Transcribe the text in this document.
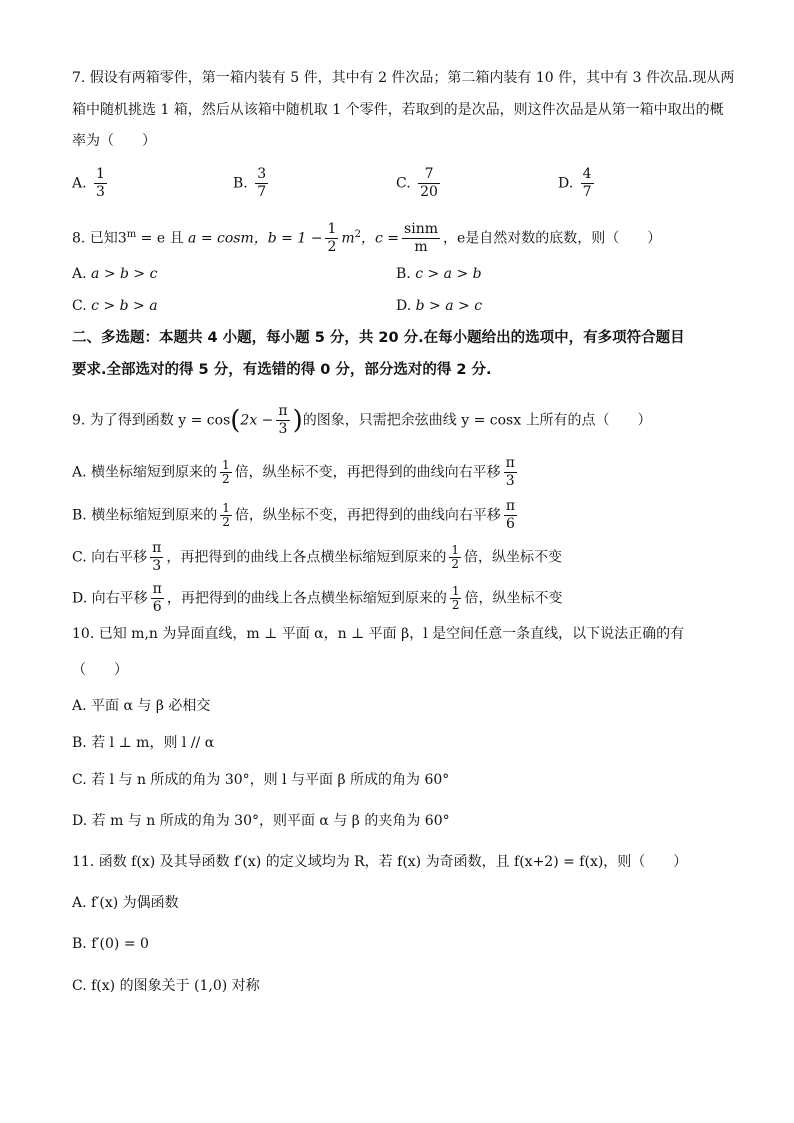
7. 假设有两箱零件，第一箱内装有 5 件，其中有 2 件次品；第二箱内装有 10 件，其中有 3 件次品.现从两
箱中随机挑选 1 箱，然后从该箱中随机取 1 个零件，若取到的是次品，则这件次品是从第一箱中取出的概
率为（　　）
A. $\frac{1}{3}$	B. $\frac{3}{7}$	C. $\frac{7}{20}$	D. $\frac{4}{7}$
8. 已知$3^m = e$ 且 a = cosm，$b = 1 - \frac{1}{2} m^2$，$c = \frac{\sin m}{m}$ ，e是自然对数的底数，则（　　）
A. a > b > c	B. c > a > b
C. c > b > a	D. b > a > c
二、多选题：本题共 4 小题，每小题 5 分，共 20 分.在每小题给出的选项中，有多项符合题目
要求.全部选对的得 5 分，有选错的得 0 分，部分选对的得 2 分.
9. 为了得到函数 $y = \cos(2x - \frac{\pi}{3}$ )的图象，只需把余弦曲线 y = cosx 上所有的点（　　）
A. 横坐标缩短到原来的 $\frac{1}{2}$ 倍，纵坐标不变，再把得到的曲线向右平移 $\frac{\pi}{3}$
B. 横坐标缩短到原来的 $\frac{1}{2}$ 倍，纵坐标不变，再把得到的曲线向右平移 $\frac{\pi}{6}$
C. 向右平移 $\frac{\pi}{3}$ ，再把得到的曲线上各点横坐标缩短到原来的 $\frac{1}{2}$ 倍，纵坐标不变
D. 向右平移 $\frac{\pi}{6}$ ，再把得到的曲线上各点横坐标缩短到原来的 $\frac{1}{2}$ 倍，纵坐标不变
10. 已知 m,n 为异面直线，m ⊥ 平面 α，n ⊥ 平面 β，l 是空间任意一条直线，以下说法正确的有
（　　）
A. 平面 α 与 β 必相交
B. 若 l ⊥ m，则 l // α
C. 若 l 与 n 所成的角为 30°，则 l 与平面 β 所成的角为 60°
D. 若 m 与 n 所成的角为 30°，则平面 α 与 β 的夹角为 60°
11. 函数 f(x) 及其导函数 f′(x) 的定义域均为 R，若 f(x) 为奇函数，且 f(x+2) = f(x)，则（　　）
A. f′(x) 为偶函数
B. f′(0) = 0
C. f(x) 的图象关于 (1,0) 对称
